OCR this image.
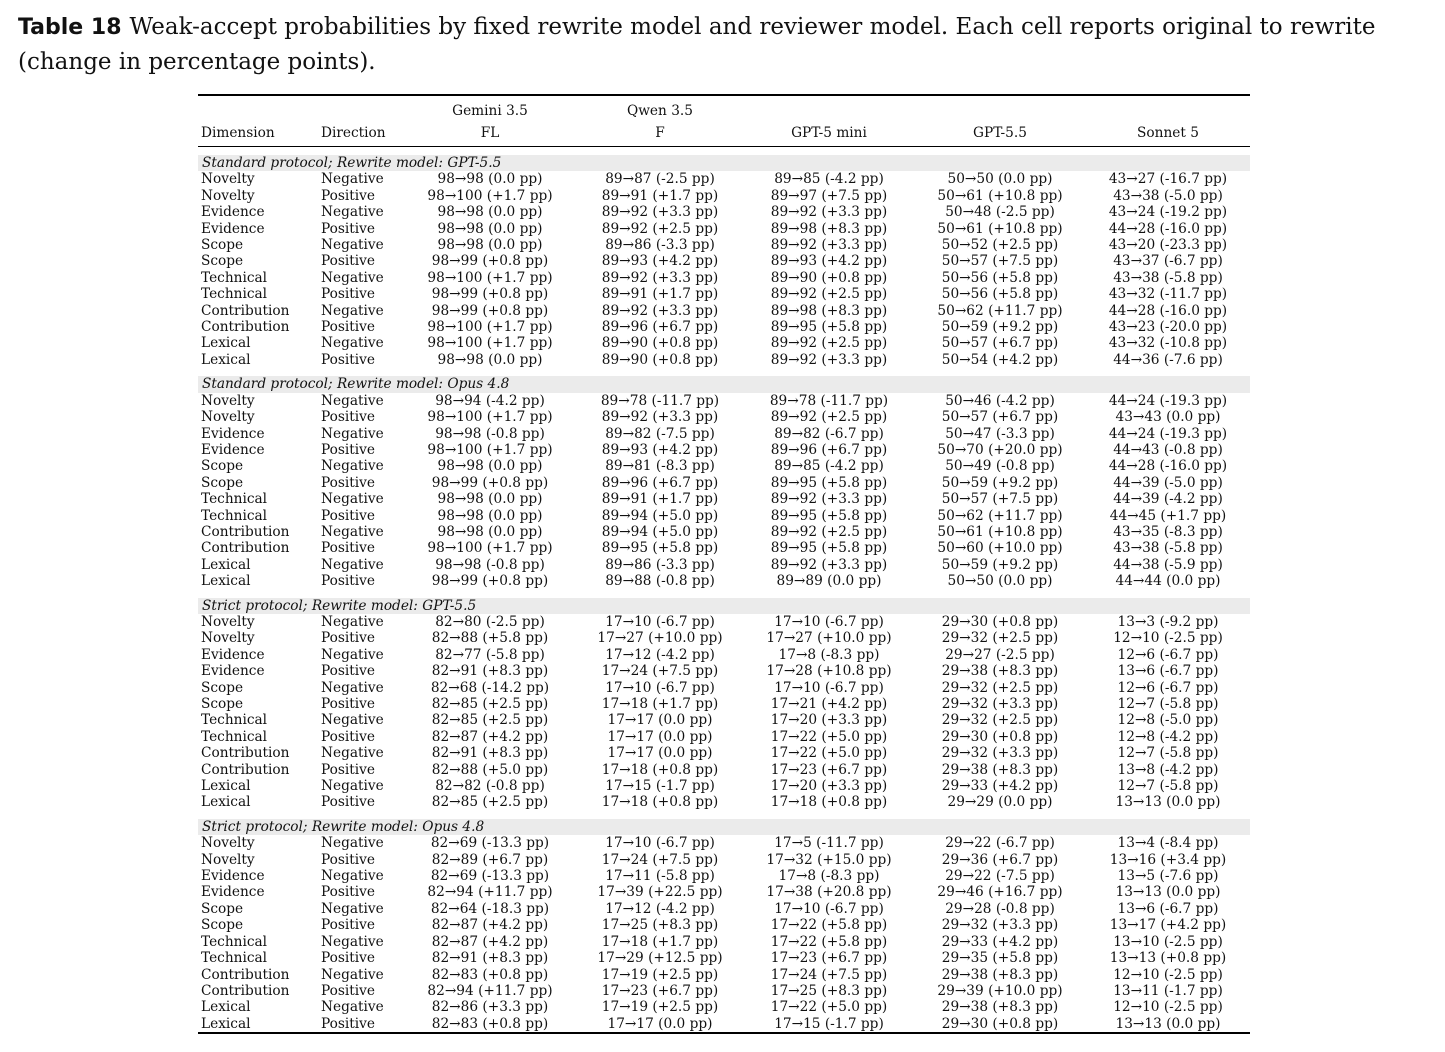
Table 18 Weak-accept probabilities by fixed rewrite model and reviewer model. Each cell reports original to rewrite (change in percentage points).
		Gemini 3.5	Qwen 3.5			
Dimension	Direction	FL	F	GPT-5 mini	GPT-5.5	Sonnet 5

Standard protocol; Rewrite model: GPT-5.5						
Novelty	Negative	98→98 (0.0 pp)	89→87 (-2.5 pp)	89→85 (-4.2 pp)	50→50 (0.0 pp)	43→27 (-16.7 pp)
Novelty	Positive	98→100 (+1.7 pp)	89→91 (+1.7 pp)	89→97 (+7.5 pp)	50→61 (+10.8 pp)	43→38 (-5.0 pp)
Evidence	Negative	98→98 (0.0 pp)	89→92 (+3.3 pp)	89→92 (+3.3 pp)	50→48 (-2.5 pp)	43→24 (-19.2 pp)
Evidence	Positive	98→98 (0.0 pp)	89→92 (+2.5 pp)	89→98 (+8.3 pp)	50→61 (+10.8 pp)	44→28 (-16.0 pp)
Scope	Negative	98→98 (0.0 pp)	89→86 (-3.3 pp)	89→92 (+3.3 pp)	50→52 (+2.5 pp)	43→20 (-23.3 pp)
Scope	Positive	98→99 (+0.8 pp)	89→93 (+4.2 pp)	89→93 (+4.2 pp)	50→57 (+7.5 pp)	43→37 (-6.7 pp)
Technical	Negative	98→100 (+1.7 pp)	89→92 (+3.3 pp)	89→90 (+0.8 pp)	50→56 (+5.8 pp)	43→38 (-5.8 pp)
Technical	Positive	98→99 (+0.8 pp)	89→91 (+1.7 pp)	89→92 (+2.5 pp)	50→56 (+5.8 pp)	43→32 (-11.7 pp)
Contribution	Negative	98→99 (+0.8 pp)	89→92 (+3.3 pp)	89→98 (+8.3 pp)	50→62 (+11.7 pp)	44→28 (-16.0 pp)
Contribution	Positive	98→100 (+1.7 pp)	89→96 (+6.7 pp)	89→95 (+5.8 pp)	50→59 (+9.2 pp)	43→23 (-20.0 pp)
Lexical	Negative	98→100 (+1.7 pp)	89→90 (+0.8 pp)	89→92 (+2.5 pp)	50→57 (+6.7 pp)	43→32 (-10.8 pp)
Lexical	Positive	98→98 (0.0 pp)	89→90 (+0.8 pp)	89→92 (+3.3 pp)	50→54 (+4.2 pp)	44→36 (-7.6 pp)

Standard protocol; Rewrite model: Opus 4.8						
Novelty	Negative	98→94 (-4.2 pp)	89→78 (-11.7 pp)	89→78 (-11.7 pp)	50→46 (-4.2 pp)	44→24 (-19.3 pp)
Novelty	Positive	98→100 (+1.7 pp)	89→92 (+3.3 pp)	89→92 (+2.5 pp)	50→57 (+6.7 pp)	43→43 (0.0 pp)
Evidence	Negative	98→98 (-0.8 pp)	89→82 (-7.5 pp)	89→82 (-6.7 pp)	50→47 (-3.3 pp)	44→24 (-19.3 pp)
Evidence	Positive	98→100 (+1.7 pp)	89→93 (+4.2 pp)	89→96 (+6.7 pp)	50→70 (+20.0 pp)	44→43 (-0.8 pp)
Scope	Negative	98→98 (0.0 pp)	89→81 (-8.3 pp)	89→85 (-4.2 pp)	50→49 (-0.8 pp)	44→28 (-16.0 pp)
Scope	Positive	98→99 (+0.8 pp)	89→96 (+6.7 pp)	89→95 (+5.8 pp)	50→59 (+9.2 pp)	44→39 (-5.0 pp)
Technical	Negative	98→98 (0.0 pp)	89→91 (+1.7 pp)	89→92 (+3.3 pp)	50→57 (+7.5 pp)	44→39 (-4.2 pp)
Technical	Positive	98→98 (0.0 pp)	89→94 (+5.0 pp)	89→95 (+5.8 pp)	50→62 (+11.7 pp)	44→45 (+1.7 pp)
Contribution	Negative	98→98 (0.0 pp)	89→94 (+5.0 pp)	89→92 (+2.5 pp)	50→61 (+10.8 pp)	43→35 (-8.3 pp)
Contribution	Positive	98→100 (+1.7 pp)	89→95 (+5.8 pp)	89→95 (+5.8 pp)	50→60 (+10.0 pp)	43→38 (-5.8 pp)
Lexical	Negative	98→98 (-0.8 pp)	89→86 (-3.3 pp)	89→92 (+3.3 pp)	50→59 (+9.2 pp)	44→38 (-5.9 pp)
Lexical	Positive	98→99 (+0.8 pp)	89→88 (-0.8 pp)	89→89 (0.0 pp)	50→50 (0.0 pp)	44→44 (0.0 pp)

Strict protocol; Rewrite model: GPT-5.5						
Novelty	Negative	82→80 (-2.5 pp)	17→10 (-6.7 pp)	17→10 (-6.7 pp)	29→30 (+0.8 pp)	13→3 (-9.2 pp)
Novelty	Positive	82→88 (+5.8 pp)	17→27 (+10.0 pp)	17→27 (+10.0 pp)	29→32 (+2.5 pp)	12→10 (-2.5 pp)
Evidence	Negative	82→77 (-5.8 pp)	17→12 (-4.2 pp)	17→8 (-8.3 pp)	29→27 (-2.5 pp)	12→6 (-6.7 pp)
Evidence	Positive	82→91 (+8.3 pp)	17→24 (+7.5 pp)	17→28 (+10.8 pp)	29→38 (+8.3 pp)	13→6 (-6.7 pp)
Scope	Negative	82→68 (-14.2 pp)	17→10 (-6.7 pp)	17→10 (-6.7 pp)	29→32 (+2.5 pp)	12→6 (-6.7 pp)
Scope	Positive	82→85 (+2.5 pp)	17→18 (+1.7 pp)	17→21 (+4.2 pp)	29→32 (+3.3 pp)	12→7 (-5.8 pp)
Technical	Negative	82→85 (+2.5 pp)	17→17 (0.0 pp)	17→20 (+3.3 pp)	29→32 (+2.5 pp)	12→8 (-5.0 pp)
Technical	Positive	82→87 (+4.2 pp)	17→17 (0.0 pp)	17→22 (+5.0 pp)	29→30 (+0.8 pp)	12→8 (-4.2 pp)
Contribution	Negative	82→91 (+8.3 pp)	17→17 (0.0 pp)	17→22 (+5.0 pp)	29→32 (+3.3 pp)	12→7 (-5.8 pp)
Contribution	Positive	82→88 (+5.0 pp)	17→18 (+0.8 pp)	17→23 (+6.7 pp)	29→38 (+8.3 pp)	13→8 (-4.2 pp)
Lexical	Negative	82→82 (-0.8 pp)	17→15 (-1.7 pp)	17→20 (+3.3 pp)	29→33 (+4.2 pp)	12→7 (-5.8 pp)
Lexical	Positive	82→85 (+2.5 pp)	17→18 (+0.8 pp)	17→18 (+0.8 pp)	29→29 (0.0 pp)	13→13 (0.0 pp)

Strict protocol; Rewrite model: Opus 4.8						
Novelty	Negative	82→69 (-13.3 pp)	17→10 (-6.7 pp)	17→5 (-11.7 pp)	29→22 (-6.7 pp)	13→4 (-8.4 pp)
Novelty	Positive	82→89 (+6.7 pp)	17→24 (+7.5 pp)	17→32 (+15.0 pp)	29→36 (+6.7 pp)	13→16 (+3.4 pp)
Evidence	Negative	82→69 (-13.3 pp)	17→11 (-5.8 pp)	17→8 (-8.3 pp)	29→22 (-7.5 pp)	13→5 (-7.6 pp)
Evidence	Positive	82→94 (+11.7 pp)	17→39 (+22.5 pp)	17→38 (+20.8 pp)	29→46 (+16.7 pp)	13→13 (0.0 pp)
Scope	Negative	82→64 (-18.3 pp)	17→12 (-4.2 pp)	17→10 (-6.7 pp)	29→28 (-0.8 pp)	13→6 (-6.7 pp)
Scope	Positive	82→87 (+4.2 pp)	17→25 (+8.3 pp)	17→22 (+5.8 pp)	29→32 (+3.3 pp)	13→17 (+4.2 pp)
Technical	Negative	82→87 (+4.2 pp)	17→18 (+1.7 pp)	17→22 (+5.8 pp)	29→33 (+4.2 pp)	13→10 (-2.5 pp)
Technical	Positive	82→91 (+8.3 pp)	17→29 (+12.5 pp)	17→23 (+6.7 pp)	29→35 (+5.8 pp)	13→13 (+0.8 pp)
Contribution	Negative	82→83 (+0.8 pp)	17→19 (+2.5 pp)	17→24 (+7.5 pp)	29→38 (+8.3 pp)	12→10 (-2.5 pp)
Contribution	Positive	82→94 (+11.7 pp)	17→23 (+6.7 pp)	17→25 (+8.3 pp)	29→39 (+10.0 pp)	13→11 (-1.7 pp)
Lexical	Negative	82→86 (+3.3 pp)	17→19 (+2.5 pp)	17→22 (+5.0 pp)	29→38 (+8.3 pp)	12→10 (-2.5 pp)
Lexical	Positive	82→83 (+0.8 pp)	17→17 (0.0 pp)	17→15 (-1.7 pp)	29→30 (+0.8 pp)	13→13 (0.0 pp)
